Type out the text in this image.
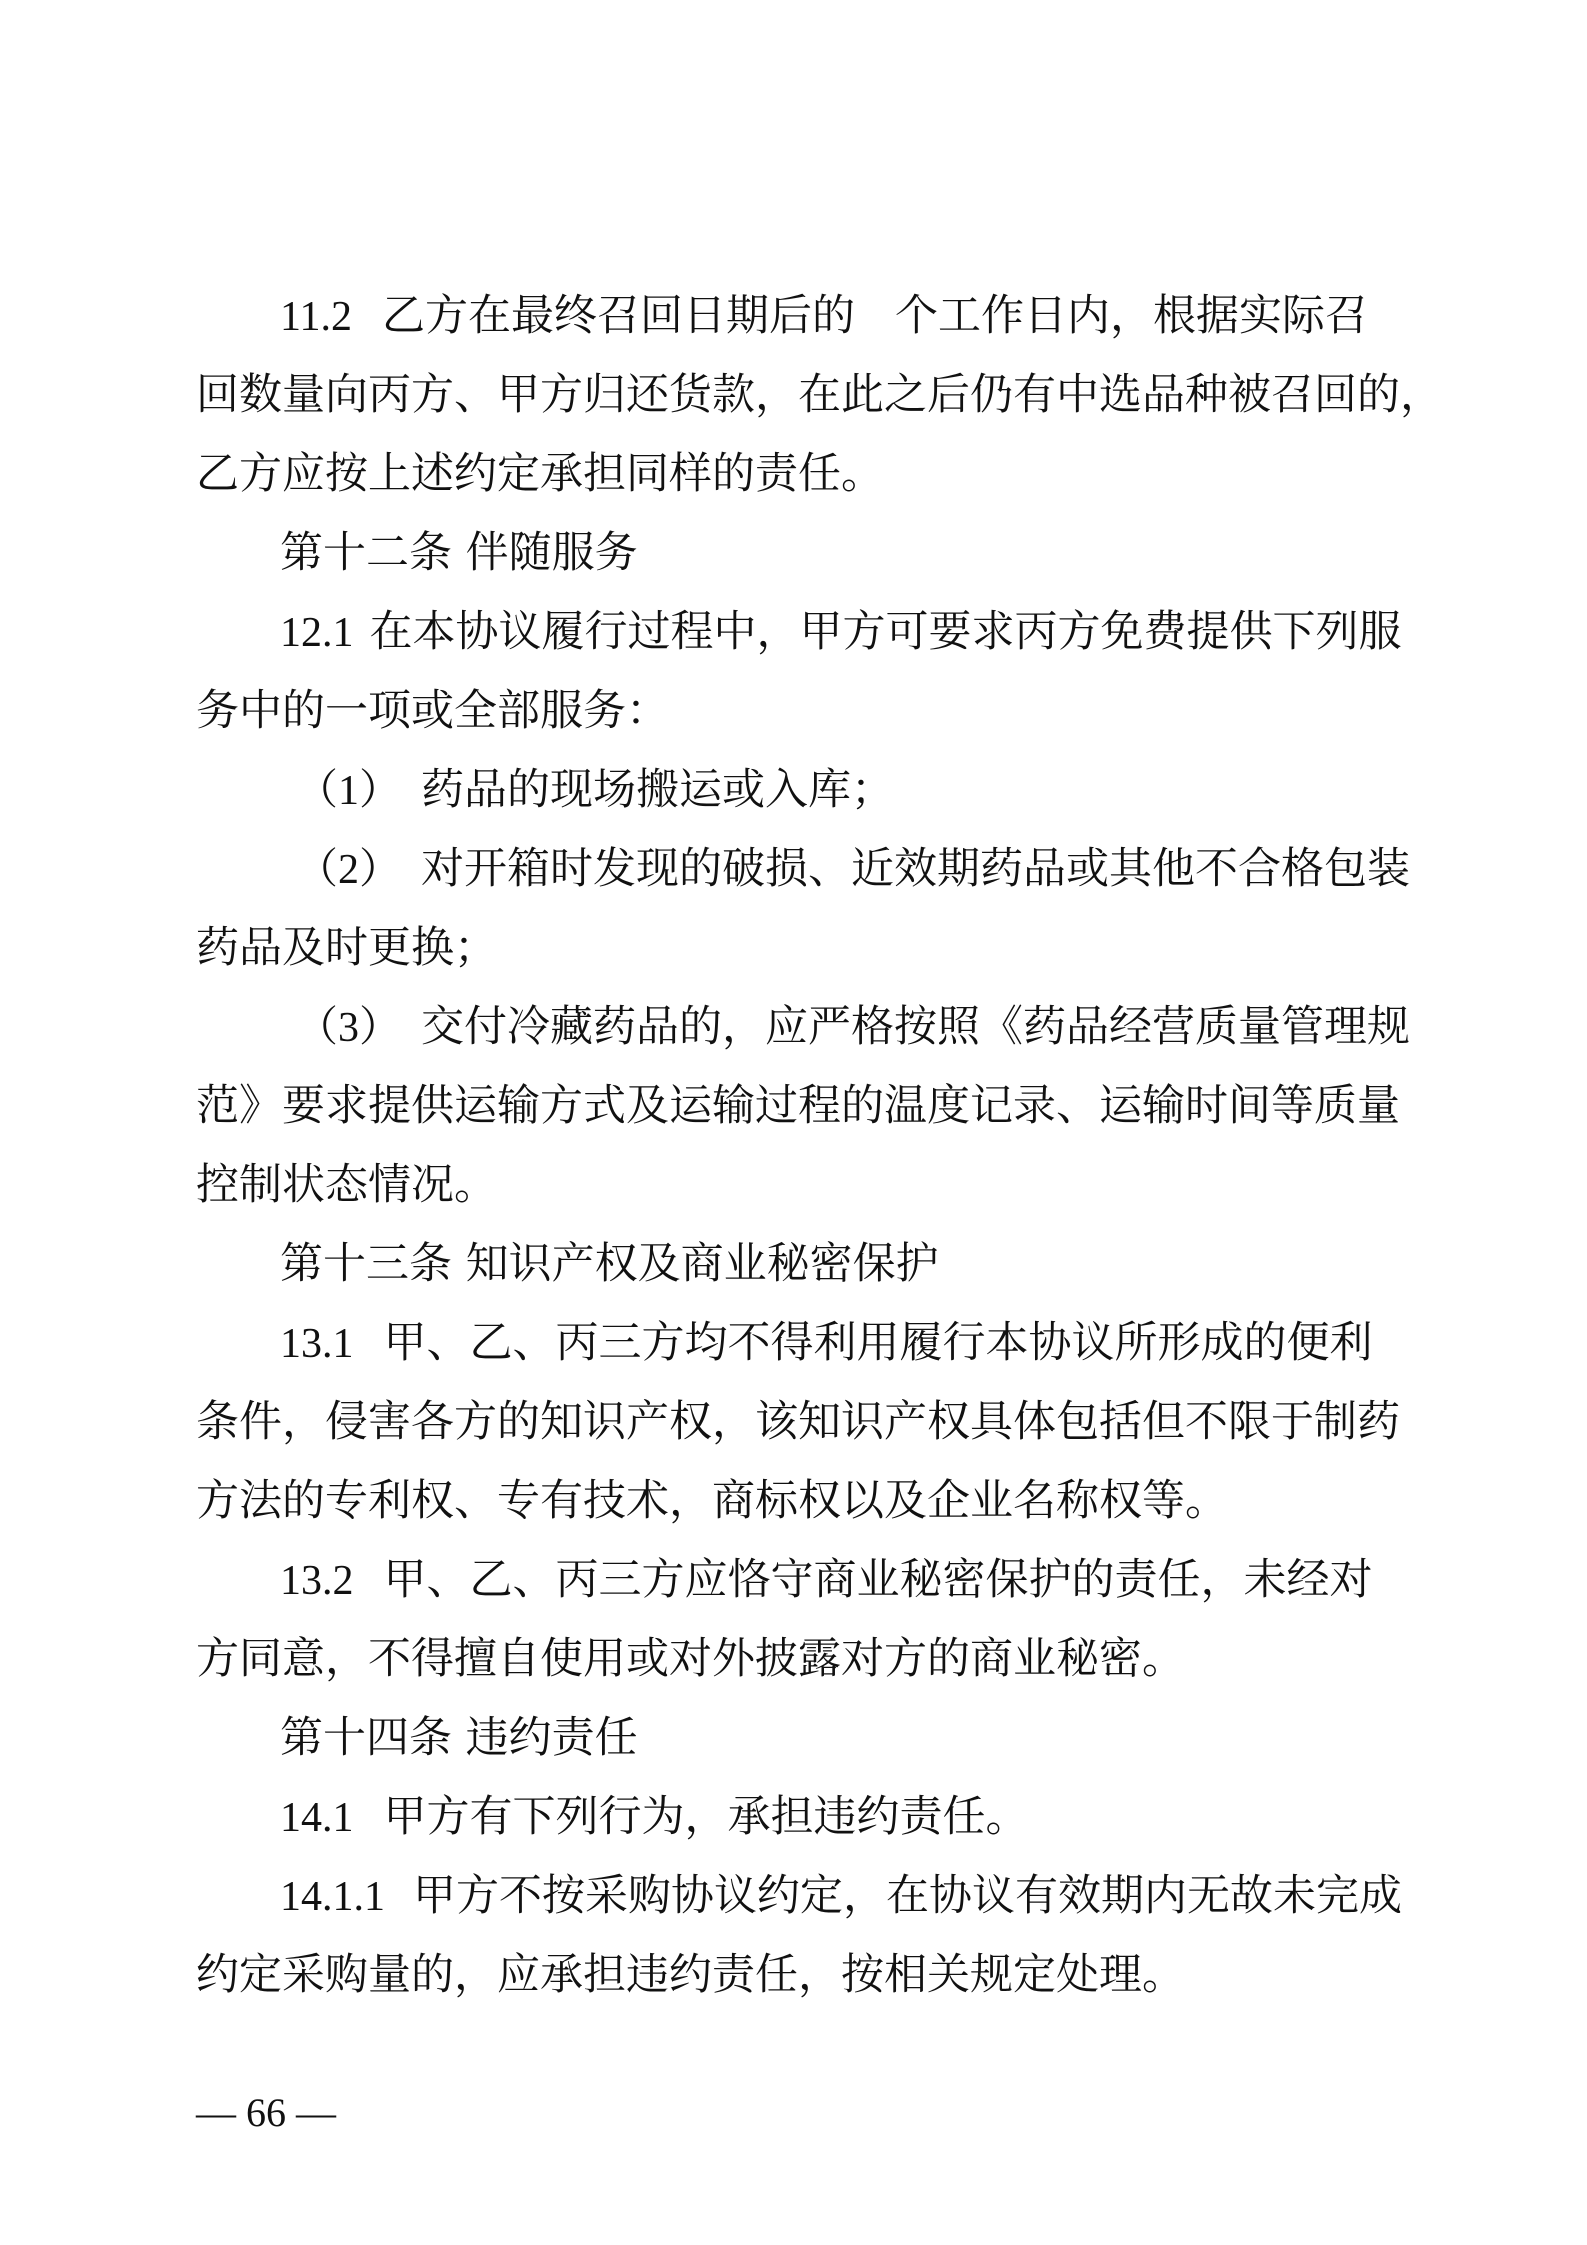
11.2 乙方在最终召回日期后的 个工作日内，根据实际召
回数量向丙方、甲方归还货款，在此之后仍有中选品种被召回的，
乙方应按上述约定承担同样的责任。
第十二条 伴随服务
12.1 在本协议履行过程中，甲方可要求丙方免费提供下列服
务中的一项或全部服务：
（1） 药品的现场搬运或入库；
（2） 对开箱时发现的破损、近效期药品或其他不合格包装
药品及时更换；
（3） 交付冷藏药品的，应严格按照《药品经营质量管理规
范》要求提供运输方式及运输过程的温度记录、运输时间等质量
控制状态情况。
第十三条 知识产权及商业秘密保护
13.1 甲、乙、丙三方均不得利用履行本协议所形成的便利
条件，侵害各方的知识产权，该知识产权具体包括但不限于制药
方法的专利权、专有技术，商标权以及企业名称权等。
13.2 甲、乙、丙三方应恪守商业秘密保护的责任，未经对
方同意，不得擅自使用或对外披露对方的商业秘密。
第十四条 违约责任
14.1 甲方有下列行为，承担违约责任。
14.1.1 甲方不按采购协议约定，在协议有效期内无故未完成
约定采购量的，应承担违约责任，按相关规定处理。
— 66 —
